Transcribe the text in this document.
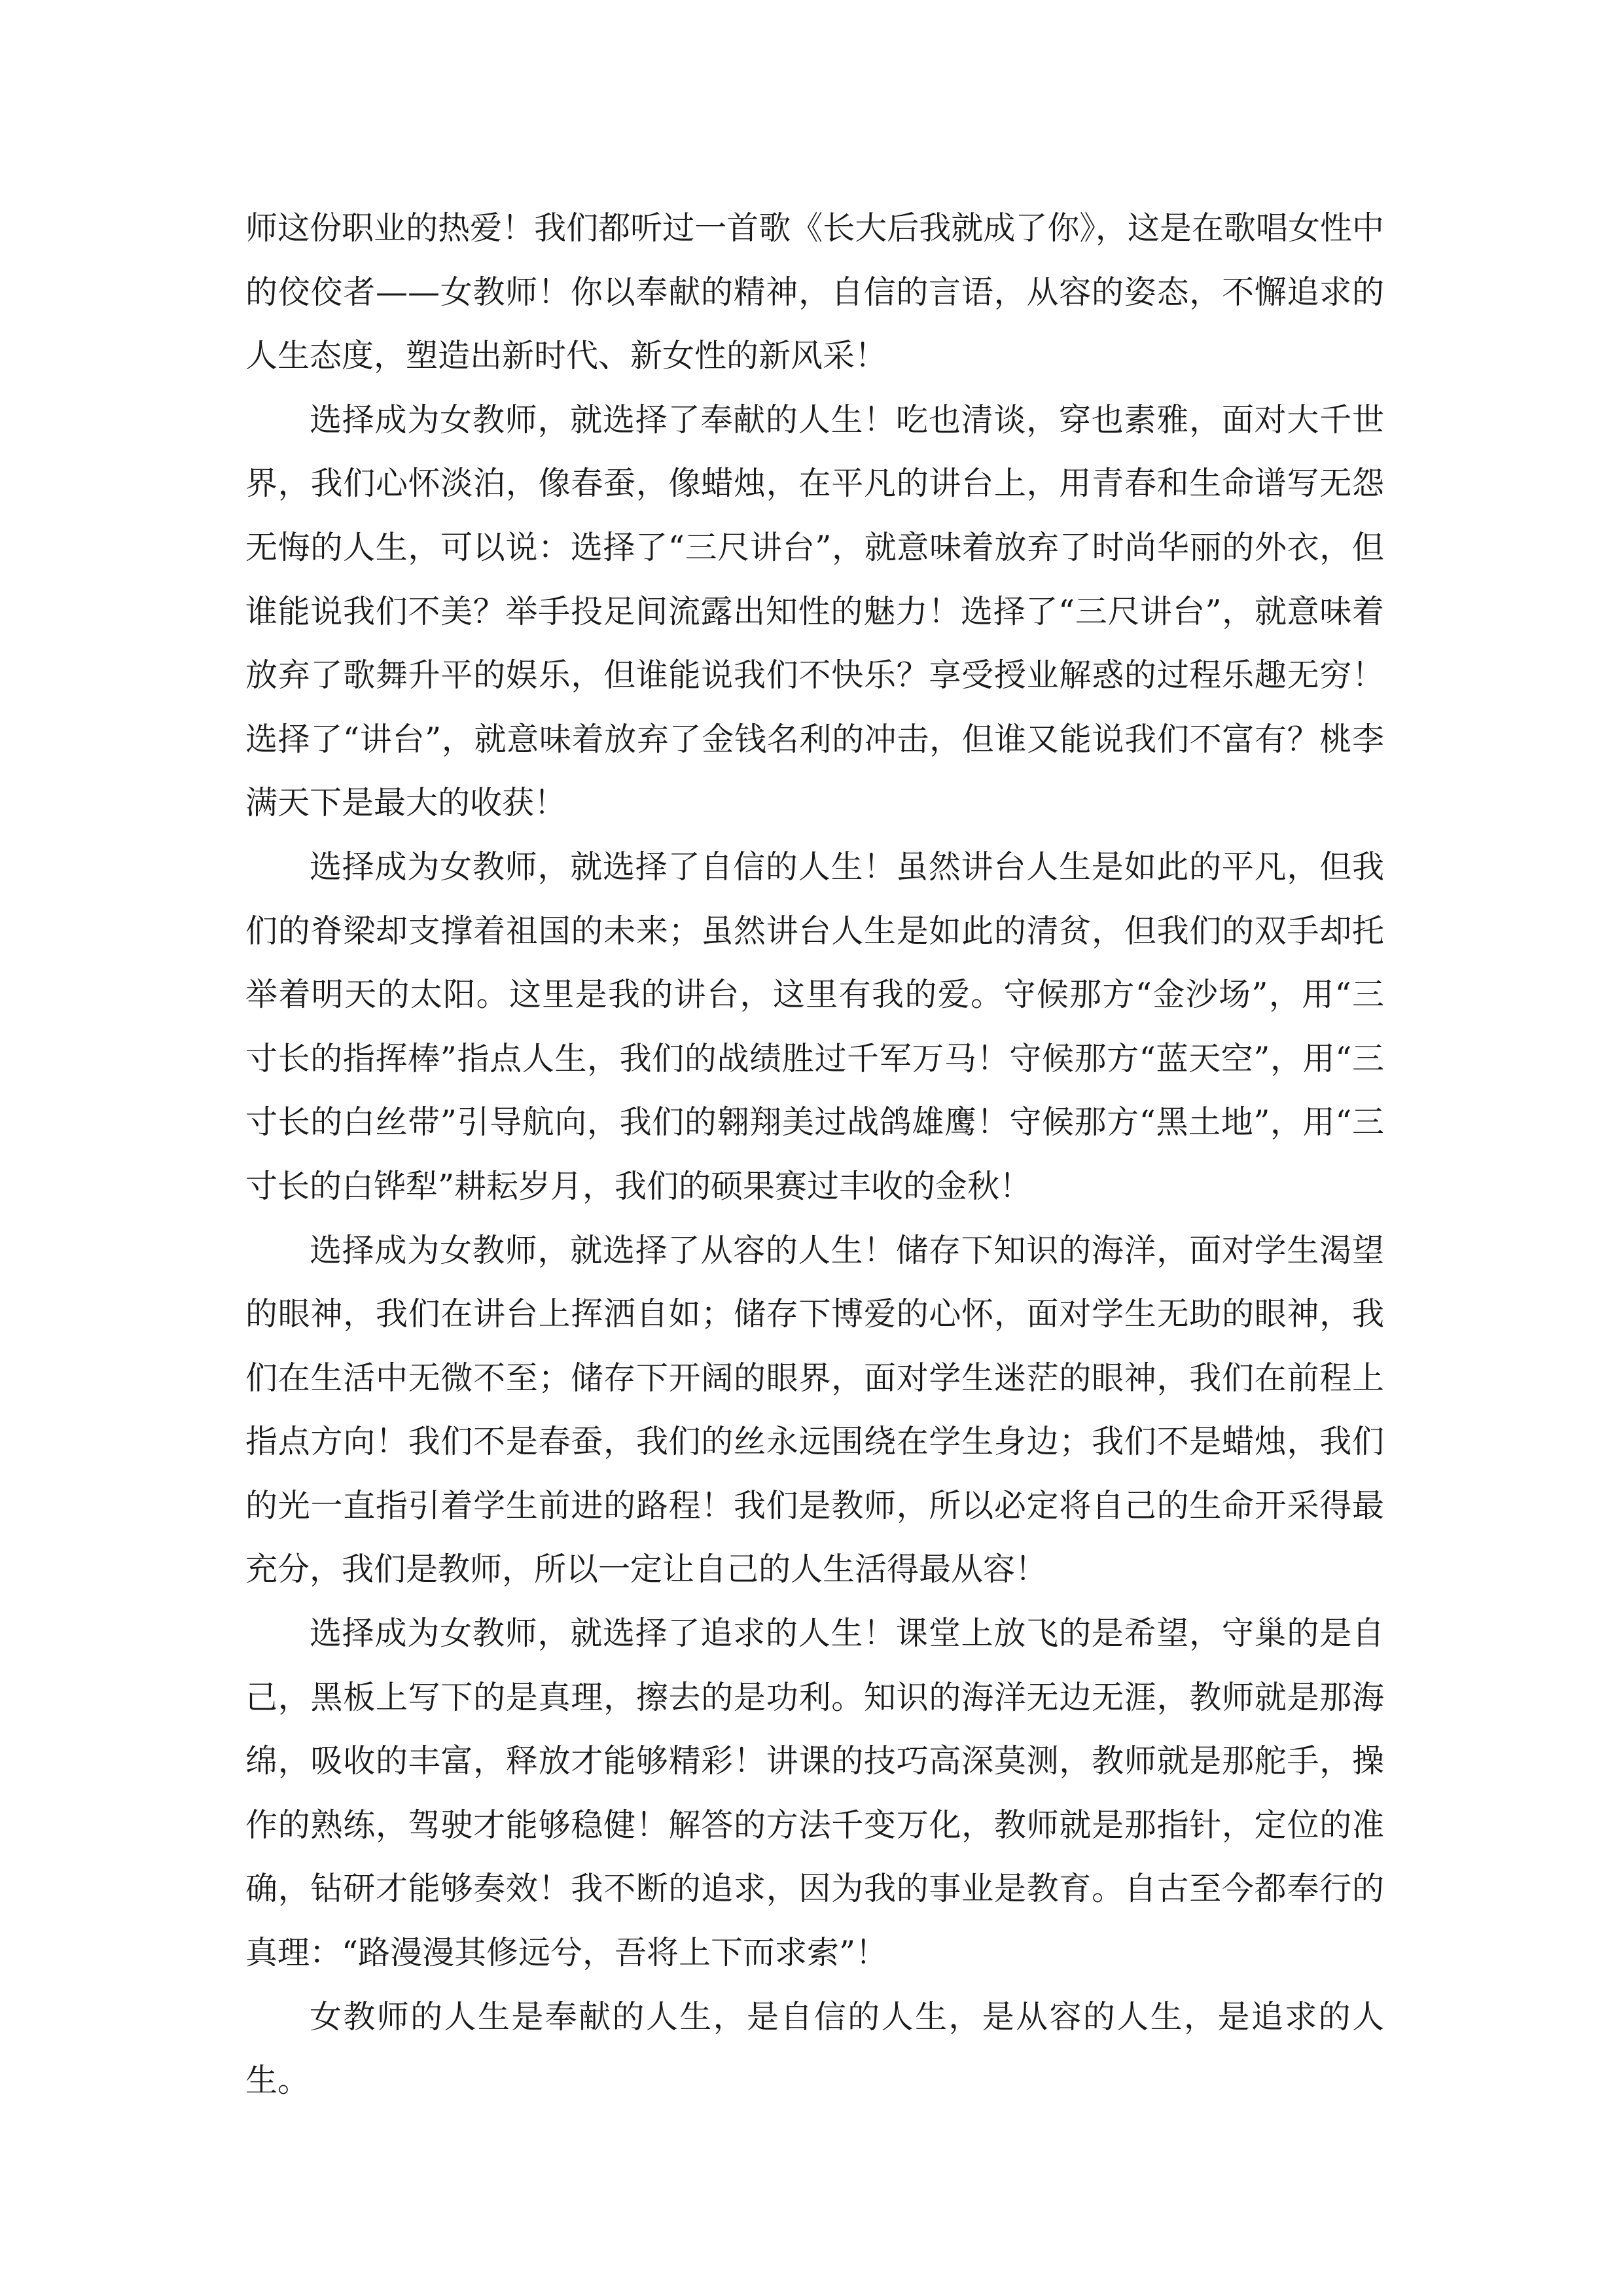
师这份职业的热爱！我们都听过一首歌《长大后我就成了你》，这是在歌唱女性中的佼佼者——女教师！你以奉献的精神，自信的言语，从容的姿态，不懈追求的人生态度，塑造出新时代、新女性的新风采！

选择成为女教师，就选择了奉献的人生！吃也清谈，穿也素雅，面对大千世界，我们心怀淡泊，像春蚕，像蜡烛，在平凡的讲台上，用青春和生命谱写无怨无悔的人生，可以说：选择了“三尺讲台”，就意味着放弃了时尚华丽的外衣，但谁能说我们不美？举手投足间流露出知性的魅力！选择了“三尺讲台”，就意味着放弃了歌舞升平的娱乐，但谁能说我们不快乐？享受授业解惑的过程乐趣无穷！选择了“讲台”，就意味着放弃了金钱名利的冲击，但谁又能说我们不富有？桃李满天下是最大的收获！

选择成为女教师，就选择了自信的人生！虽然讲台人生是如此的平凡，但我们的脊梁却支撑着祖国的未来；虽然讲台人生是如此的清贫，但我们的双手却托举着明天的太阳。这里是我的讲台，这里有我的爱。守候那方“金沙场”，用“三寸长的指挥棒”指点人生，我们的战绩胜过千军万马！守候那方“蓝天空”，用“三寸长的白丝带”引导航向，我们的翱翔美过战鸽雄鹰！守候那方“黑土地”，用“三寸长的白铧犁”耕耘岁月，我们的硕果赛过丰收的金秋！

选择成为女教师，就选择了从容的人生！储存下知识的海洋，面对学生渴望的眼神，我们在讲台上挥洒自如；储存下博爱的心怀，面对学生无助的眼神，我们在生活中无微不至；储存下开阔的眼界，面对学生迷茫的眼神，我们在前程上指点方向！我们不是春蚕，我们的丝永远围绕在学生身边；我们不是蜡烛，我们的光一直指引着学生前进的路程！我们是教师，所以必定将自己的生命开采得最充分，我们是教师，所以一定让自己的人生活得最从容！

选择成为女教师，就选择了追求的人生！课堂上放飞的是希望，守巢的是自己，黑板上写下的是真理，擦去的是功利。知识的海洋无边无涯，教师就是那海绵，吸收的丰富，释放才能够精彩！讲课的技巧高深莫测，教师就是那舵手，操作的熟练，驾驶才能够稳健！解答的方法千变万化，教师就是那指针，定位的准确，钻研才能够奏效！我不断的追求，因为我的事业是教育。自古至今都奉行的真理：“路漫漫其修远兮，吾将上下而求索”！

女教师的人生是奉献的人生，是自信的人生，是从容的人生，是追求的人生。
